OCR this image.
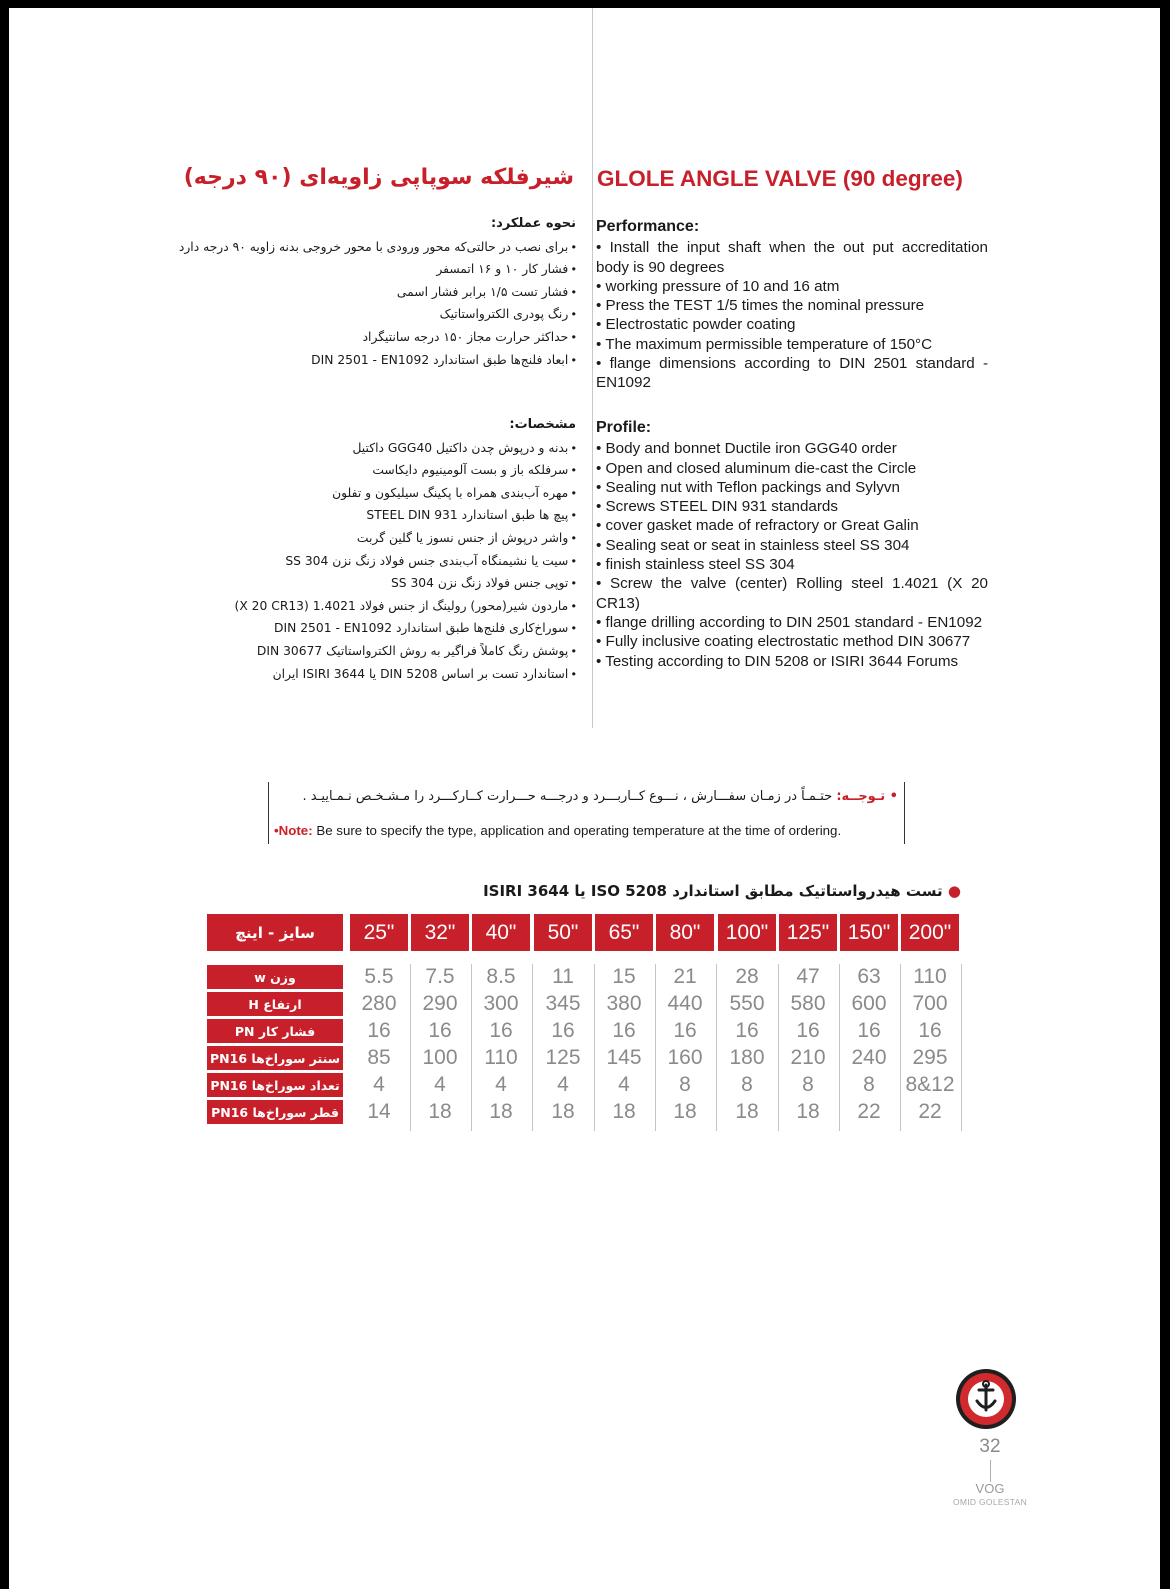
GLOLE ANGLE VALVE (90 degree)
شیرفلکه سوپاپی زاویه‌ای (۹۰ درجه)
Performance:
• Install the input shaft when the out put accreditation body is 90 degrees
• working pressure of 10 and 16 atm
• Press the TEST 1/5 times the nominal pressure
• Electrostatic powder coating
• The maximum permissible temperature of 150°C
• flange dimensions according to DIN 2501 standard - EN1092
Profile:
• Body and bonnet Ductile iron GGG40 order
• Open and closed aluminum die-cast the Circle
• Sealing nut with Teflon packings and Sylyvn
• Screws STEEL DIN 931 standards
• cover gasket made of refractory or Great Galin
• Sealing seat or seat in stainless steel SS 304
• finish stainless steel SS 304
• Screw the valve (center) Rolling steel 1.4021 (X 20 CR13)
• flange drilling according to DIN 2501 standard - EN1092
• Fully inclusive coating electrostatic method DIN 30677
• Testing according to DIN 5208 or ISIRI 3644 Forums
نحوه عملکرد:
• برای نصب در حالتی‌که محور ورودی با محور خروجی بدنه زاویه ۹۰ درجه دارد
• فشار کار ۱۰ و ۱۶ اتمسفر
• فشار تست ۱/۵ برابر فشار اسمی
• رنگ پودری الکترواستاتیک
• حداکثر حرارت مجاز ۱۵۰ درجه سانتیگراد
• ابعاد فلنج‌ها طبق استاندارد DIN 2501 - EN1092
مشخصات:
• بدنه و درپوش چدن داکتیل GGG40 داکتیل
• سرفلکه باز و بست آلومینیوم دایکاست
• مهره آب‌بندی همراه با پکینگ سیلیکون و تفلون
• پیچ ها طبق استاندارد STEEL DIN 931
• واشر درپوش از جنس نسوز یا گلین گربت
• سیت یا نشیمنگاه آب‌بندی جنس فولاد زنگ نزن SS 304
• توپی جنس فولاد زنگ نزن SS 304
• ماردون شیر(محور) رولینگ از جنس فولاد 1.4021 (X 20 CR13)
• سوراخ‌کاری فلنج‌ها طبق استاندارد DIN 2501 - EN1092
• پوشش رنگ کاملاً فراگیر به روش الکترواستاتیک DIN 30677
• استاندارد تست بر اساس DIN 5208 یا ISIRI 3644 ایران
• تـوجــه: حتـمـاً در زمـان سفـــارش ، نـــوع کــاربـــرد و درجـــه حـــرارت کــارکـــرد را مـشـخـص نـمـاییـد .
•Note: Be sure to specify the type, application and operating temperature at the time of ordering.
● تست هیدرواستاتیک مطابق استاندارد ISO 5208 یا ISIRI 3644
سایز - اینچ	25"	32"	40"	50"	65"	80"	100" 125" 150" 200"
وزن w	5.5	7.5	8.5	11	15	21	28	47	63	110
ارتفاع H	280	290	300	345	380	440	550	580	600	700
فشار کار PN	16	16	16	16	16	16	16	16	16	16
سنتر سوراخ‌ها PN16	85	100	110	125	145	160	180	210	240	295
تعداد سوراخ‌ها PN16	4	4	4	4	4	8	8	8	8	8&12
قطر سوراخ‌ها PN16	14	18	18	18	18	18	18	18	22	22
32
VOG
OMID GOLESTAN
